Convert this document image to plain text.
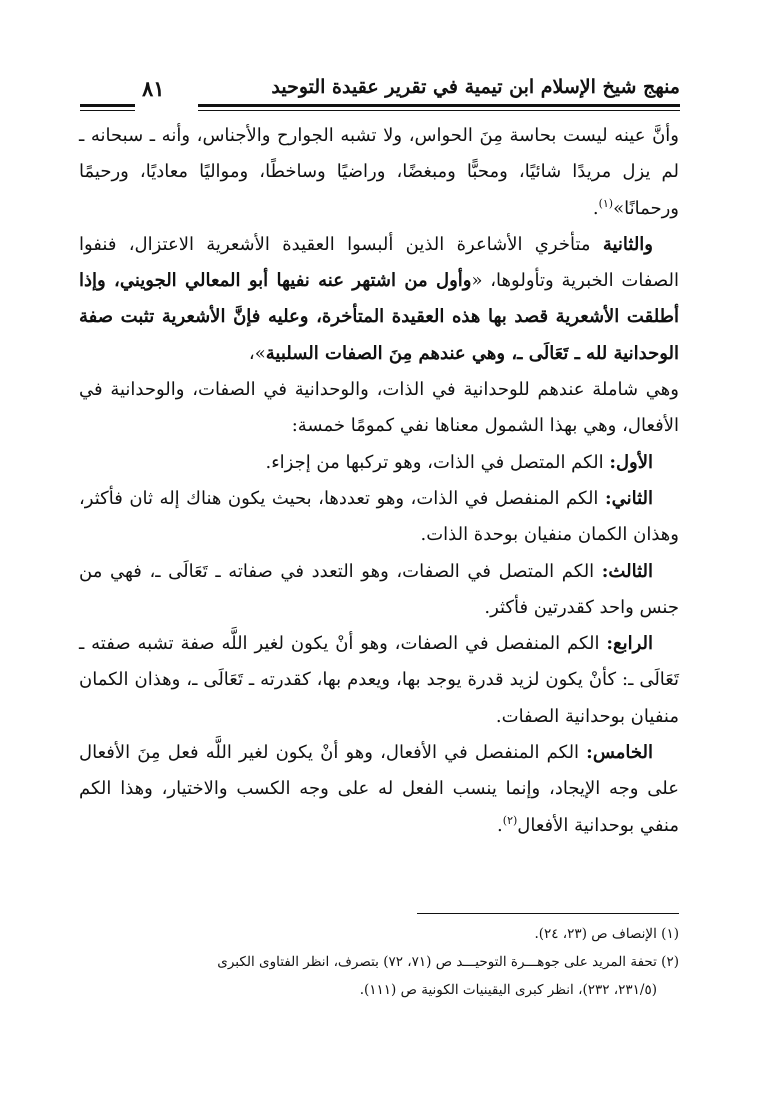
منهج شيخ الإسلام ابن تيمية في تقرير عقيدة التوحيد
٨١

وأنَّ عينه ليست بحاسة مِنَ الحواس، ولا تشبه الجوارح والأجناس، وأنه ـ سبحانه ـ لم يزل مريدًا شائيًا، ومحبًّا ومبغضًا، وراضيًا وساخطًا، ومواليًا معاديًا، ورحيمًا ورحمانًا»$^{(١)}$.

والثانية متأخري الأشاعرة الذين ألبسوا العقيدة الأشعرية الاعتزال، فنفوا الصفات الخبرية وتأولوها، «وأول من اشتهر عنه نفيها أبو المعالي الجويني، وإذا أطلقت الأشعرية قصد بها هذه العقيدة المتأخرة، وعليه فإنَّ الأشعرية تثبت صفة الوحدانية لله ـ تَعَالَى ـ، وهي عندهم مِنَ الصفات السلبية»،

وهي شاملة عندهم للوحدانية في الذات، والوحدانية في الصفات، والوحدانية في الأفعال، وهي بهذا الشمول معناها نفي كمومًا خمسة:

الأول: الكم المتصل في الذات، وهو تركبها من إجزاء.

الثاني: الكم المنفصل في الذات، وهو تعددها، بحيث يكون هناك إله ثان فأكثر، وهذان الكمان منفيان بوحدة الذات.

الثالث: الكم المتصل في الصفات، وهو التعدد في صفاته ـ تَعَالَى ـ، فهي من جنس واحد كقدرتين فأكثر.

الرابع: الكم المنفصل في الصفات، وهو أنْ يكون لغير اللَّه صفة تشبه صفته ـ تَعَالَى ـ: كأنْ يكون لزيد قدرة يوجد بها، ويعدم بها، كقدرته ـ تَعَالَى ـ، وهذان الكمان منفيان بوحدانية الصفات.

الخامس: الكم المنفصل في الأفعال، وهو أنْ يكون لغير اللَّه فعل مِنَ الأفعال على وجه الإيجاد، وإنما ينسب الفعل له على وجه الكسب والاختيار، وهذا الكم منفي بوحدانية الأفعال$^{(٢)}$.

(١) الإنصاف ص (٢٣، ٢٤).

(٢) تحفة المريد على جوهـــرة التوحيـــد ص (٧١، ٧٢) بتصرف، انظر الفتاوى الكبرى

(٢٣١/٥، ٢٣٢)، انظر كبرى اليقينيات الكونية ص (١١١).
